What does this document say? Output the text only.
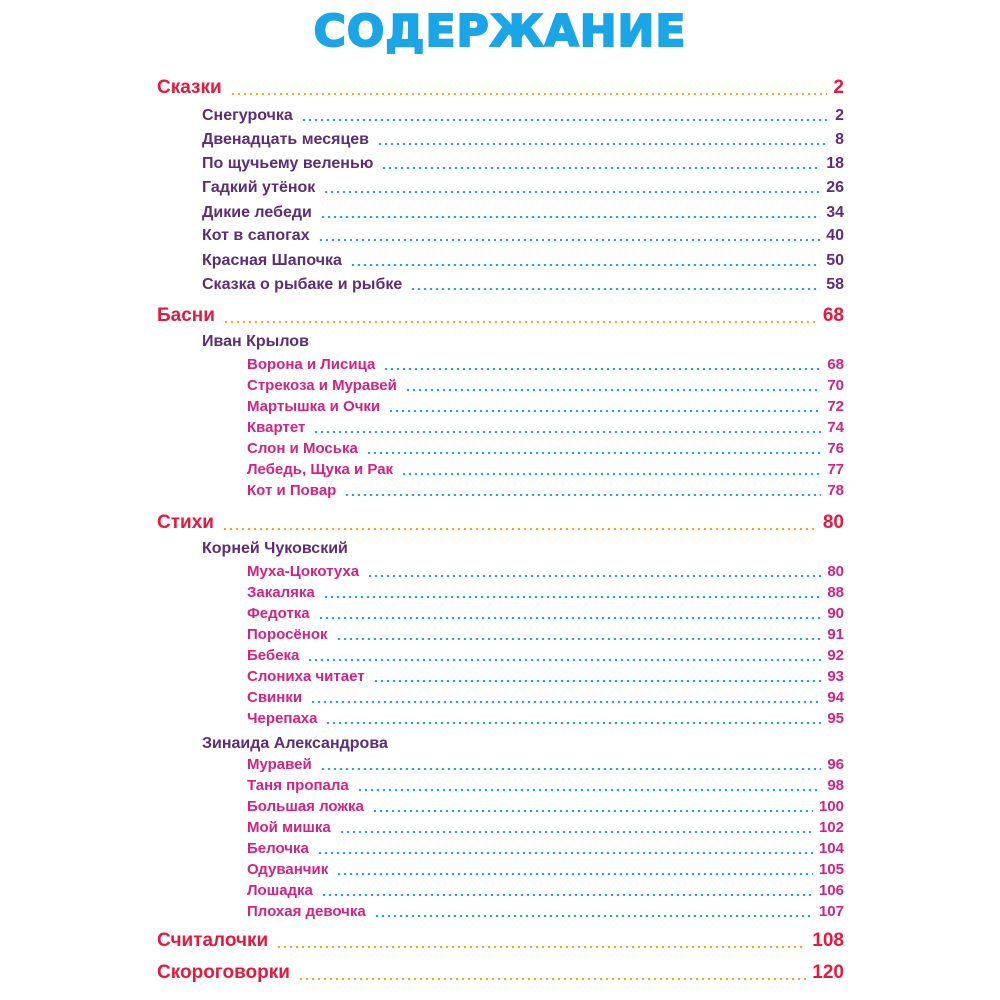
СОДЕРЖАНИЕ
Сказки	2
Снегурочка	2
Двенадцать месяцев	8
По щучьему веленью	18
Гадкий утёнок	26
Дикие лебеди	34
Кот в сапогах	40
Красная Шапочка	50
Сказка о рыбаке и рыбке	58
Басни	68
Иван Крылов
Ворона и Лисица	68
Стрекоза и Муравей	70
Мартышка и Очки	72
Квартет	74
Слон и Моська	76
Лебедь, Щука и Рак	77
Кот и Повар	78
Стихи	80
Корней Чуковский
Муха-Цокотуха	80
Закаляка	88
Федотка	90
Поросёнок	91
Бебека	92
Слониха читает	93
Свинки	94
Черепаха	95
Зинаида Александрова
Муравей	96
Таня пропала	98
Большая ложка	100
Мой мишка	102
Белочка	104
Одуванчик	105
Лошадка	106
Плохая девочка	107
Считалочки	108
Скороговорки	120
